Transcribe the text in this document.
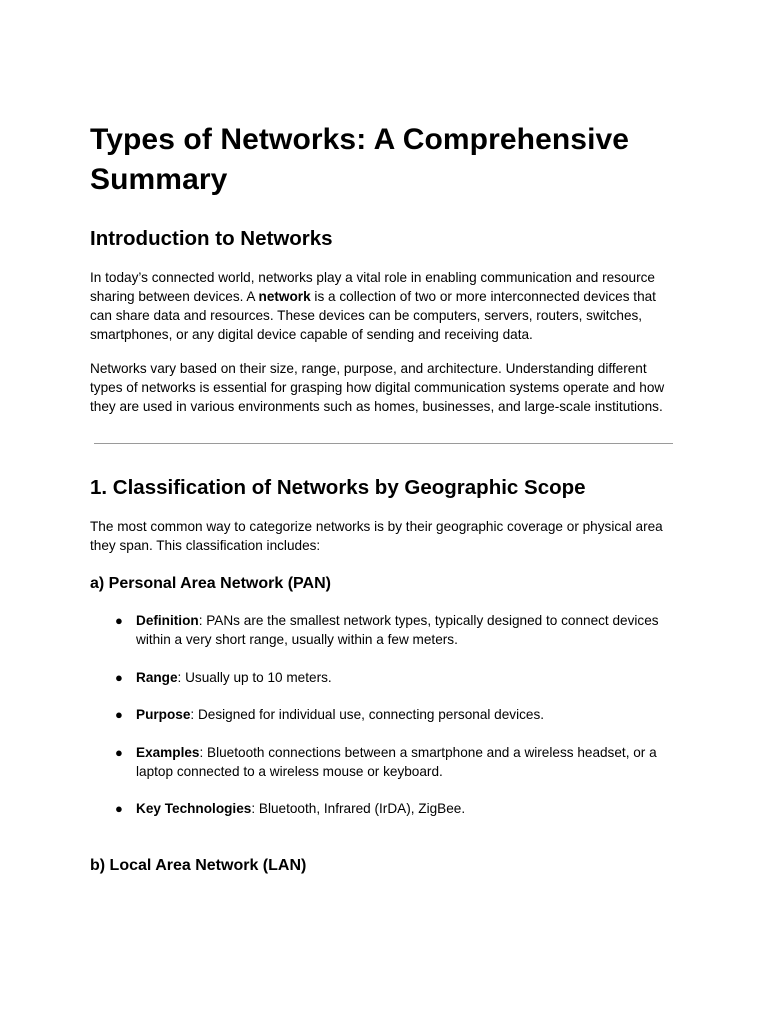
Types of Networks: A Comprehensive Summary
Introduction to Networks

In today’s connected world, networks play a vital role in enabling communication and resource sharing between devices. A network is a collection of two or more interconnected devices that can share data and resources. These devices can be computers, servers, routers, switches, smartphones, or any digital device capable of sending and receiving data.

Networks vary based on their size, range, purpose, and architecture. Understanding different types of networks is essential for grasping how digital communication systems operate and how they are used in various environments such as homes, businesses, and large-scale institutions.

1. Classification of Networks by Geographic Scope

The most common way to categorize networks is by their geographic coverage or physical area they span. This classification includes:

a) Personal Area Network (PAN)
● Definition: PANs are the smallest network types, typically designed to connect devices within a very short range, usually within a few meters.
● Range: Usually up to 10 meters.
● Purpose: Designed for individual use, connecting personal devices.
● Examples: Bluetooth connections between a smartphone and a wireless headset, or a laptop connected to a wireless mouse or keyboard.
● Key Technologies: Bluetooth, Infrared (IrDA), ZigBee.
b) Local Area Network (LAN)
